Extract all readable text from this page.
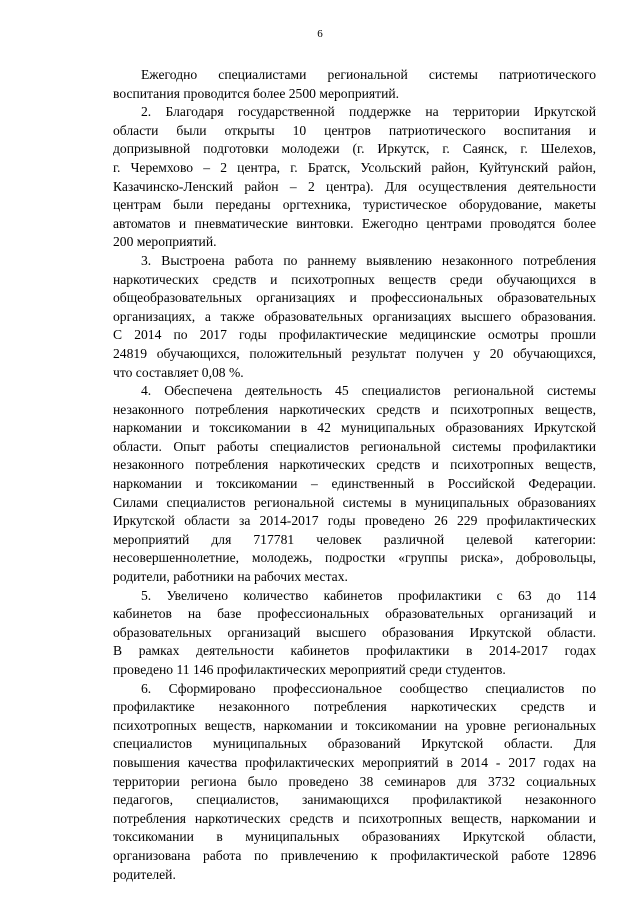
6

Ежегодно специалистами региональной системы патриотического
воспитания проводится более 2500 мероприятий.

2. Благодаря государственной поддержке на территории Иркутской
области были открыты 10 центров патриотического воспитания и
допризывной подготовки молодежи (г. Иркутск, г. Саянск, г. Шелехов,
г. Черемхово – 2 центра, г. Братск, Усольский район, Куйтунский район,
Казачинско-Ленский район – 2 центра). Для осуществления деятельности
центрам были переданы оргтехника, туристическое оборудование, макеты
автоматов и пневматические винтовки. Ежегодно центрами проводятся более
200 мероприятий.

3. Выстроена работа по раннему выявлению незаконного потребления
наркотических средств и психотропных веществ среди обучающихся в
общеобразовательных организациях и профессиональных образовательных
организациях, а также образовательных организациях высшего образования.
С 2014 по 2017 годы профилактические медицинские осмотры прошли
24819 обучающихся, положительный результат получен у 20 обучающихся,
что составляет 0,08 %.

4. Обеспечена деятельность 45 специалистов региональной системы
незаконного потребления наркотических средств и психотропных веществ,
наркомании и токсикомании в 42 муниципальных образованиях Иркутской
области. Опыт работы специалистов региональной системы профилактики
незаконного потребления наркотических средств и психотропных веществ,
наркомании и токсикомании – единственный в Российской Федерации.
Силами специалистов региональной системы в муниципальных образованиях
Иркутской области за 2014-2017 годы проведено 26 229 профилактических
мероприятий для 717781 человек различной целевой категории:
несовершеннолетние, молодежь, подростки «группы риска», добровольцы,
родители, работники на рабочих местах.

5. Увеличено количество кабинетов профилактики с 63 до 114
кабинетов на базе профессиональных образовательных организаций и
образовательных организаций высшего образования Иркутской области.
В рамках деятельности кабинетов профилактики в 2014-2017 годах
проведено 11 146 профилактических мероприятий среди студентов.

6. Сформировано профессиональное сообщество специалистов по
профилактике незаконного потребления наркотических средств и
психотропных веществ, наркомании и токсикомании на уровне региональных
специалистов муниципальных образований Иркутской области. Для
повышения качества профилактических мероприятий в 2014 - 2017 годах на
территории региона было проведено 38 семинаров для 3732 социальных
педагогов, специалистов, занимающихся профилактикой незаконного
потребления наркотических средств и психотропных веществ, наркомании и
токсикомании в муниципальных образованиях Иркутской области,
организована работа по привлечению к профилактической работе 12896
родителей.
